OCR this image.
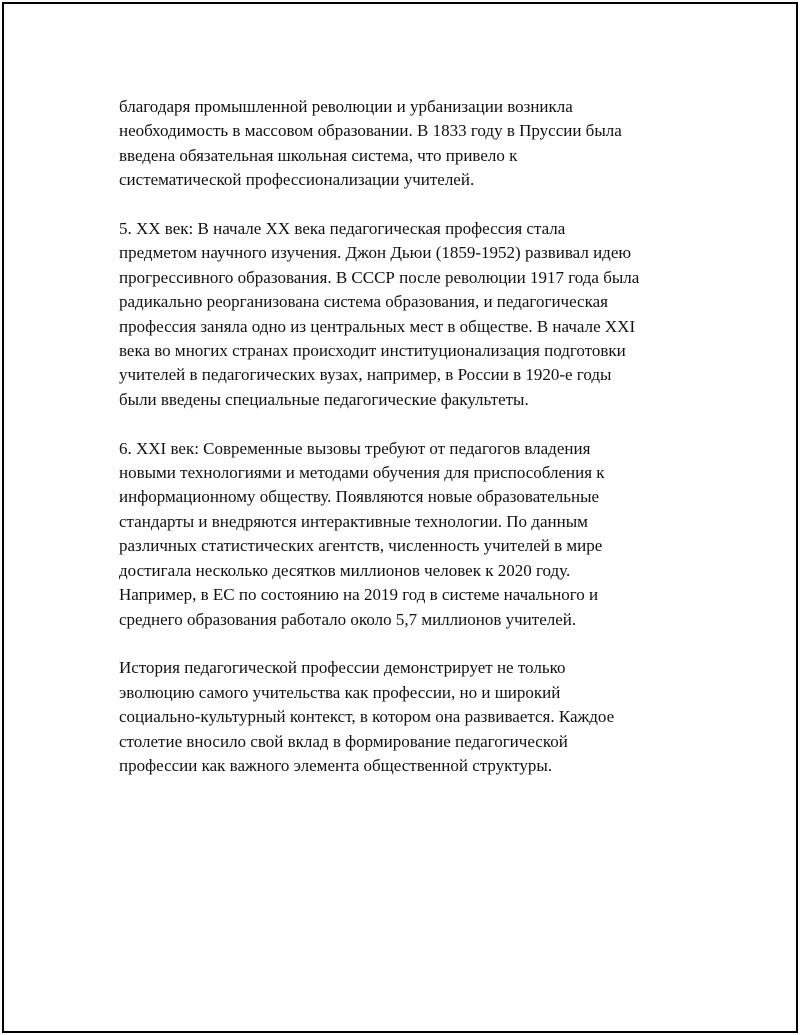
благодаря промышленной революции и урбанизации возникла
необходимость в массовом образовании. В 1833 году в Пруссии была
введена обязательная школьная система, что привело к
систематической профессионализации учителей.

5. XX век: В начале XX века педагогическая профессия стала
предметом научного изучения. Джон Дьюи (1859-1952) развивал идею
прогрессивного образования. В СССР после революции 1917 года была
радикально реорганизована система образования, и педагогическая
профессия заняла одно из центральных мест в обществе. В начале XXI
века во многих странах происходит институционализация подготовки
учителей в педагогических вузах, например, в России в 1920-е годы
были введены специальные педагогические факультеты.

6. XXI век: Современные вызовы требуют от педагогов владения
новыми технологиями и методами обучения для приспособления к
информационному обществу. Появляются новые образовательные
стандарты и внедряются интерактивные технологии. По данным
различных статистических агентств, численность учителей в мире
достигала несколько десятков миллионов человек к 2020 году.
Например, в ЕС по состоянию на 2019 год в системе начального и
среднего образования работало около 5,7 миллионов учителей.

История педагогической профессии демонстрирует не только
эволюцию самого учительства как профессии, но и широкий
социально-культурный контекст, в котором она развивается. Каждое
столетие вносило свой вклад в формирование педагогической
профессии как важного элемента общественной структуры.
